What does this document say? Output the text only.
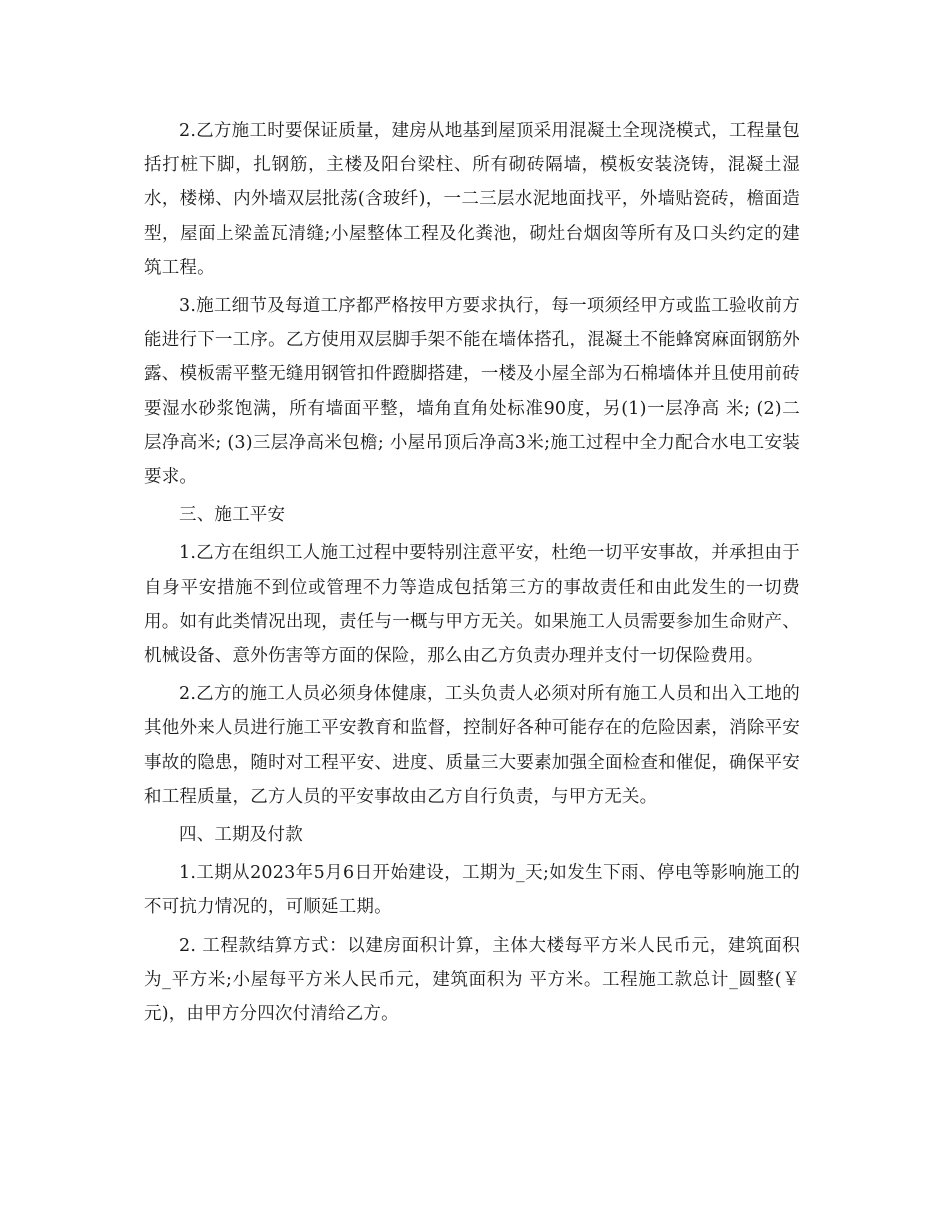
2.乙方施工时要保证质量，建房从地基到屋顶采用混凝土全现浇模式，工程量包括打桩下脚，扎钢筋，主楼及阳台梁柱、所有砌砖隔墙，模板安装浇铸，混凝土湿水，楼梯、内外墙双层批荡(含玻纤)，一二三层水泥地面找平，外墙贴瓷砖，檐面造型，屋面上梁盖瓦清缝;小屋整体工程及化粪池，砌灶台烟囱等所有及口头约定的建筑工程。

3.施工细节及每道工序都严格按甲方要求执行，每一项须经甲方或监工验收前方能进行下一工序。乙方使用双层脚手架不能在墙体搭孔，混凝土不能蜂窝麻面钢筋外露、模板需平整无缝用钢管扣件蹬脚搭建，一楼及小屋全部为石棉墙体并且使用前砖要湿水砂浆饱满，所有墙面平整，墙角直角处标准90度，另(1)一层净高 米; (2)二层净高米; (3)三层净高米包檐; 小屋吊顶后净高3米;施工过程中全力配合水电工安装要求。

三、施工平安

1.乙方在组织工人施工过程中要特别注意平安，杜绝一切平安事故，并承担由于自身平安措施不到位或管理不力等造成包括第三方的事故责任和由此发生的一切费用。如有此类情况出现，责任与一概与甲方无关。如果施工人员需要参加生命财产、机械设备、意外伤害等方面的保险，那么由乙方负责办理并支付一切保险费用。

2.乙方的施工人员必须身体健康，工头负责人必须对所有施工人员和出入工地的其他外来人员进行施工平安教育和监督，控制好各种可能存在的危险因素，消除平安事故的隐患，随时对工程平安、进度、质量三大要素加强全面检查和催促，确保平安和工程质量，乙方人员的平安事故由乙方自行负责，与甲方无关。

四、工期及付款

1.工期从2023年5月6日开始建设，工期为_天;如发生下雨、停电等影响施工的不可抗力情况的，可顺延工期。

2. 工程款结算方式：以建房面积计算，主体大楼每平方米人民币元，建筑面积为_平方米;小屋每平方米人民币元，建筑面积为 平方米。工程施工款总计_圆整(￥ 元)，由甲方分四次付清给乙方。
